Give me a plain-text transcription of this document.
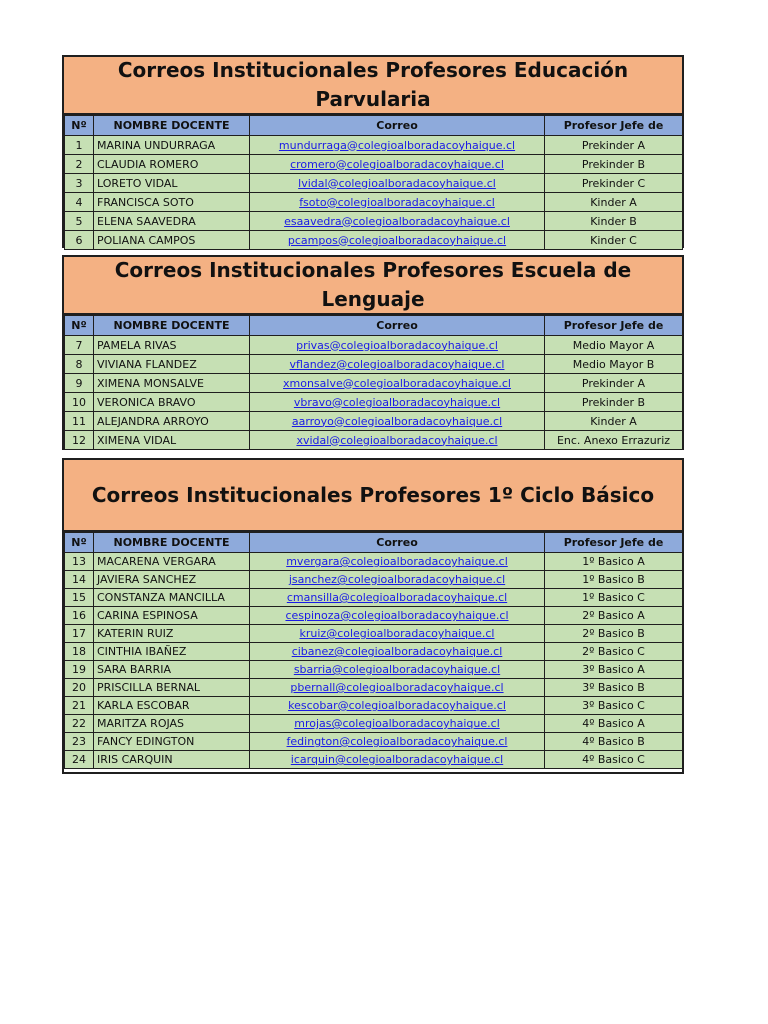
Correos Institucionales Profesores Educación Parvularia
Nº	NOMBRE DOCENTE	Correo	Profesor Jefe de
1	MARINA UNDURRAGA	mundurraga@colegioalboradacoyhaique.cl	Prekinder A
2	CLAUDIA ROMERO	cromero@colegioalboradacoyhaique.cl	Prekinder B
3	LORETO VIDAL	lvidal@colegioalboradacoyhaique.cl	Prekinder C
4	FRANCISCA SOTO	fsoto@colegioalboradacoyhaique.cl	Kinder A
5	ELENA SAAVEDRA	esaavedra@colegioalboradacoyhaique.cl	Kinder B
6	POLIANA CAMPOS	pcampos@colegioalboradacoyhaique.cl	Kinder C
Correos Institucionales Profesores Escuela de Lenguaje
Nº	NOMBRE DOCENTE	Correo	Profesor Jefe de
7	PAMELA RIVAS	privas@colegioalboradacoyhaique.cl	Medio Mayor A
8	VIVIANA FLANDEZ	vflandez@colegioalboradacoyhaique.cl	Medio Mayor B
9	XIMENA MONSALVE	xmonsalve@colegioalboradacoyhaique.cl	Prekinder A
10	VERONICA BRAVO	vbravo@colegioalboradacoyhaique.cl	Prekinder B
11	ALEJANDRA ARROYO	aarroyo@colegioalboradacoyhaique.cl	Kinder A
12	XIMENA VIDAL	xvidal@colegioalboradacoyhaique.cl	Enc. Anexo Errazuriz
Correos Institucionales Profesores 1º Ciclo Básico
Nº	NOMBRE DOCENTE	Correo	Profesor Jefe de
13	MACARENA VERGARA	mvergara@colegioalboradacoyhaique.cl	1º Basico A
14	JAVIERA SANCHEZ	jsanchez@colegioalboradacoyhaique.cl	1º Basico B
15	CONSTANZA MANCILLA	cmansilla@colegioalboradacoyhaique.cl	1º Basico C
16	CARINA ESPINOSA	cespinoza@colegioalboradacoyhaique.cl	2º Basico A
17	KATERIN RUIZ	kruiz@colegioalboradacoyhaique.cl	2º Basico B
18	CINTHIA IBAÑEZ	cibanez@colegioalboradacoyhaique.cl	2º Basico C
19	SARA BARRIA	sbarria@colegioalboradacoyhaique.cl	3º Basico A
20	PRISCILLA BERNAL	pbernall@colegioalboradacoyhaique.cl	3º Basico B
21	KARLA ESCOBAR	kescobar@colegioalboradacoyhaique.cl	3º Basico C
22	MARITZA ROJAS	mrojas@colegioalboradacoyhaique.cl	4º Basico A
23	FANCY EDINGTON	fedington@colegioalboradacoyhaique.cl	4º Basico B
24	IRIS CARQUIN	icarquin@colegioalboradacoyhaique.cl	4º Basico C
